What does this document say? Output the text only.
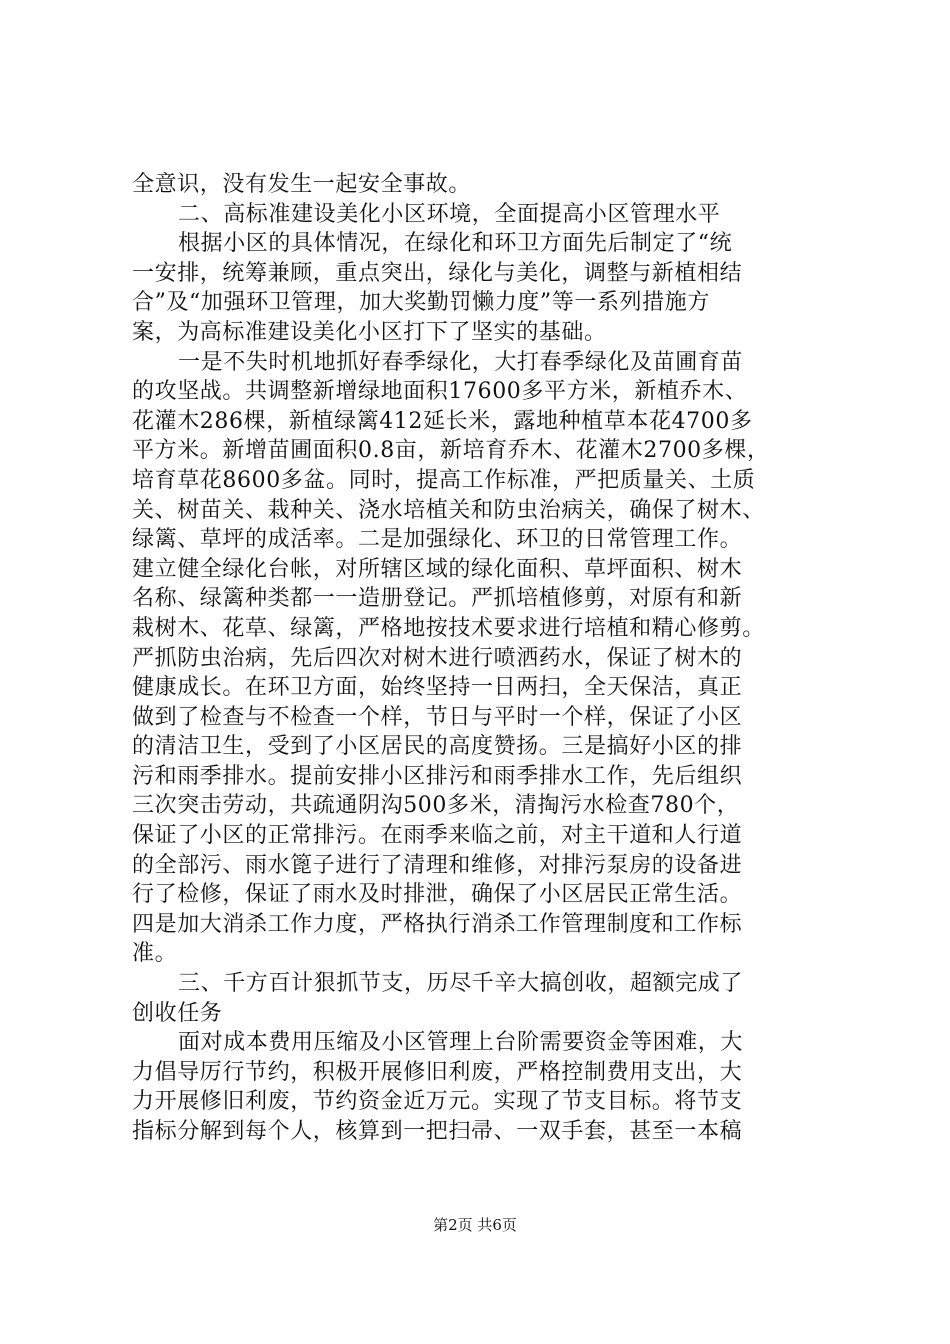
全意识，没有发生一起安全事故。
二、高标准建设美化小区环境，全面提高小区管理水平
根据小区的具体情况，在绿化和环卫方面先后制定了“统
一安排，统筹兼顾，重点突出，绿化与美化，调整与新植相结
合”及“加强环卫管理，加大奖勤罚懒力度”等一系列措施方
案，为高标准建设美化小区打下了坚实的基础。
一是不失时机地抓好春季绿化，大打春季绿化及苗圃育苗
的攻坚战。共调整新增绿地面积17600多平方米，新植乔木、
花灌木286棵，新植绿篱412延长米，露地种植草本花4700多
平方米。新增苗圃面积0.8亩，新培育乔木、花灌木2700多棵，
培育草花8600多盆。同时，提高工作标准，严把质量关、土质
关、树苗关、栽种关、浇水培植关和防虫治病关，确保了树木、
绿篱、草坪的成活率。二是加强绿化、环卫的日常管理工作。
建立健全绿化台帐，对所辖区域的绿化面积、草坪面积、树木
名称、绿篱种类都一一造册登记。严抓培植修剪，对原有和新
栽树木、花草、绿篱，严格地按技术要求进行培植和精心修剪。
严抓防虫治病，先后四次对树木进行喷洒药水，保证了树木的
健康成长。在环卫方面，始终坚持一日两扫，全天保洁，真正
做到了检查与不检查一个样，节日与平时一个样，保证了小区
的清洁卫生，受到了小区居民的高度赞扬。三是搞好小区的排
污和雨季排水。提前安排小区排污和雨季排水工作，先后组织
三次突击劳动，共疏通阴沟500多米，清掏污水检查780个，
保证了小区的正常排污。在雨季来临之前，对主干道和人行道
的全部污、雨水篦子进行了清理和维修，对排污泵房的设备进
行了检修，保证了雨水及时排泄，确保了小区居民正常生活。
四是加大消杀工作力度，严格执行消杀工作管理制度和工作标
准。
三、千方百计狠抓节支，历尽千辛大搞创收，超额完成了
创收任务
面对成本费用压缩及小区管理上台阶需要资金等困难，大
力倡导厉行节约，积极开展修旧利废，严格控制费用支出，大
力开展修旧利废，节约资金近万元。实现了节支目标。将节支
指标分解到每个人，核算到一把扫帚、一双手套，甚至一本稿
第2页 共6页
